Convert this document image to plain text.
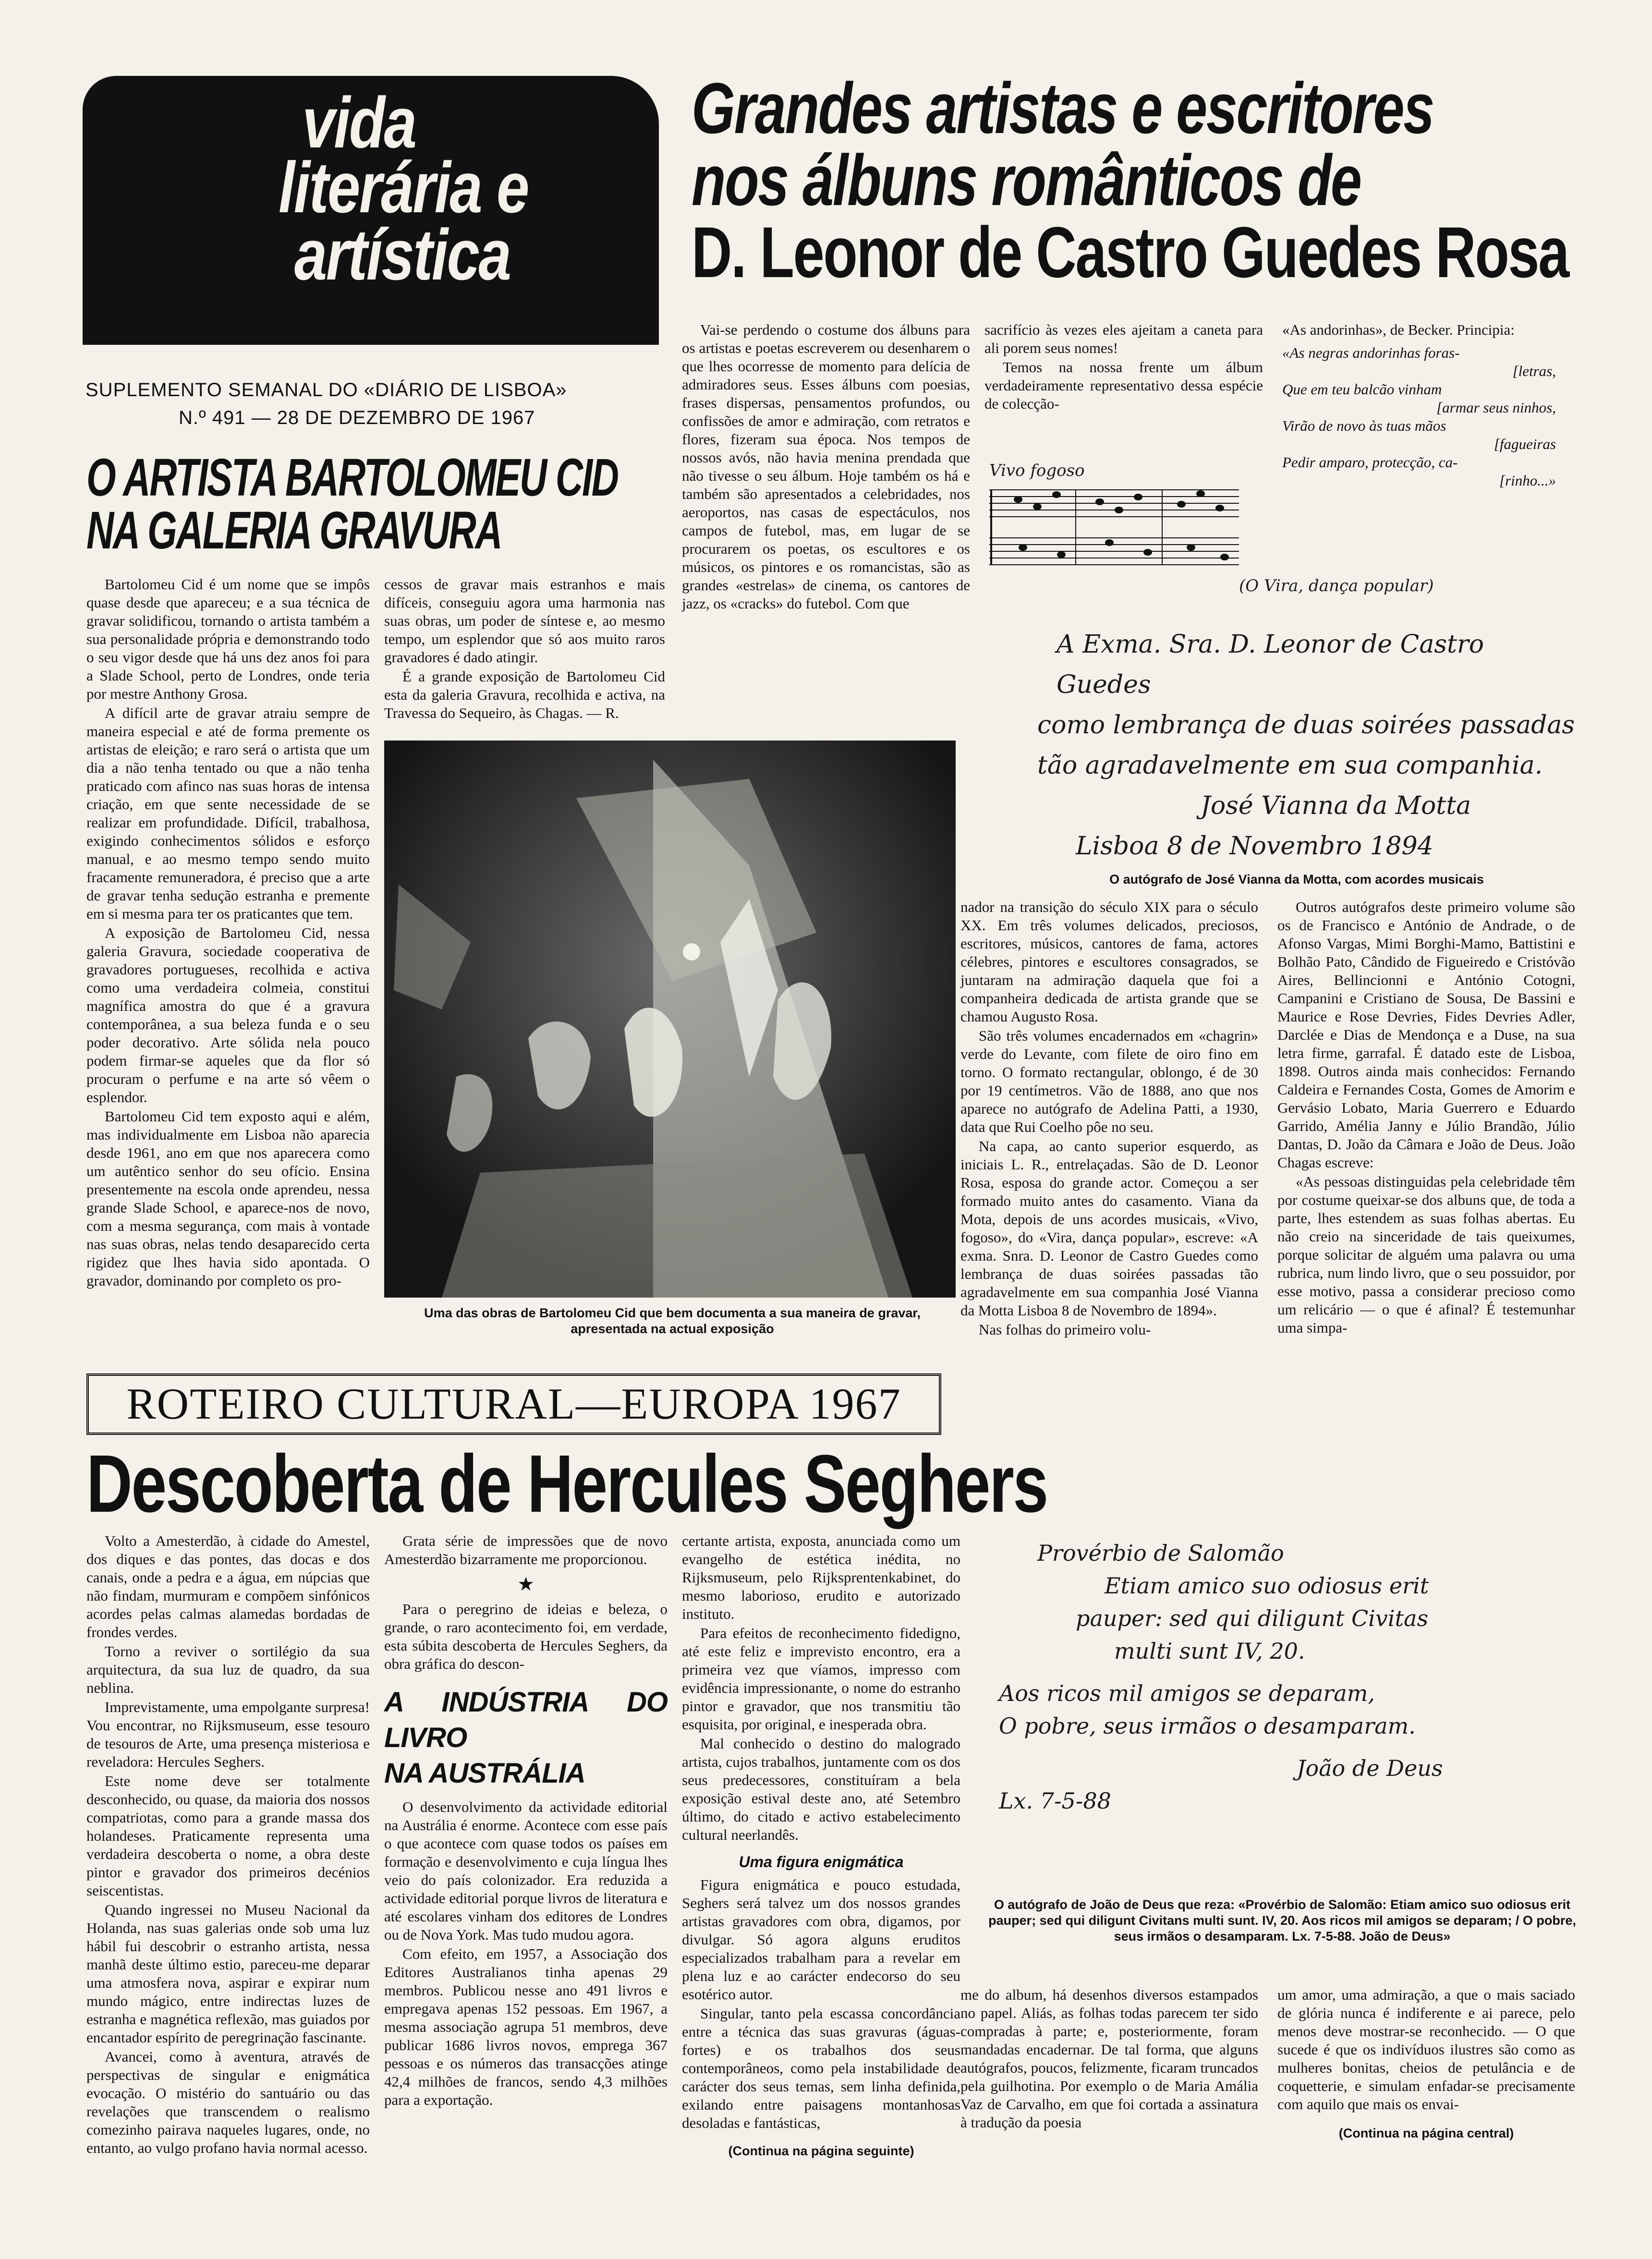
vida
literária e
artística
SUPLEMENTO SEMANAL DO «DIÁRIO DE LISBOA»
N.º 491 — 28 DE DEZEMBRO DE 1967
Grandes artistas e escritores
nos álbuns românticos de
D. Leonor de Castro Guedes Rosa
O ARTISTA BARTOLOMEU CID
NA GALERIA GRAVURA

Bartolomeu Cid é um nome que se impôs quase desde que apareceu; e a sua técnica de gravar solidificou, tornando o artista também a sua personalidade própria e demonstrando todo o seu vigor desde que há uns dez anos foi para a Slade School, perto de Londres, onde teria por mestre Anthony Grosa.

A difícil arte de gravar atraiu sempre de maneira especial e até de forma premente os artistas de eleição; e raro será o artista que um dia a não tenha tentado ou que a não tenha praticado com afinco nas suas horas de intensa criação, em que sente necessidade de se realizar em profundidade. Difícil, trabalhosa, exigindo conhecimentos sólidos e esforço manual, e ao mesmo tempo sendo muito fracamente remuneradora, é preciso que a arte de gravar tenha sedução estranha e premente em si mesma para ter os praticantes que tem.

A exposição de Bartolomeu Cid, nessa galeria Gravura, sociedade cooperativa de gravadores portugueses, recolhida e activa como uma verdadeira colmeia, constitui magnífica amostra do que é a gravura contemporânea, a sua beleza funda e o seu poder decorativo. Arte sólida nela pouco podem firmar-se aqueles que da flor só procuram o perfume e na arte só vêem o esplendor.

Bartolomeu Cid tem exposto aqui e além, mas individualmente em Lisboa não aparecia desde 1961, ano em que nos aparecera como um autêntico senhor do seu ofício. Ensina presentemente na escola onde aprendeu, nessa grande Slade School, e aparece-nos de novo, com a mesma segurança, com mais à vontade nas suas obras, nelas tendo desaparecido certa rigidez que lhes havia sido apontada. O gravador, dominando por completo os pro-

cessos de gravar mais estranhos e mais difíceis, conseguiu agora uma harmonia nas suas obras, um poder de síntese e, ao mesmo tempo, um esplendor que só aos muito raros gravadores é dado atingir.

É a grande exposição de Bartolomeu Cid esta da galeria Gravura, recolhida e activa, na Travessa do Sequeiro, às Chagas. — R.

Uma das obras de Bartolomeu Cid que bem documenta a sua maneira de gravar, apresentada na actual exposição

Vai-se perdendo o costume dos álbuns para os artistas e poetas escreverem ou desenharem o que lhes ocorresse de momento para delícia de admiradores seus. Esses álbuns com poesias, frases dispersas, pensamentos profundos, ou confissões de amor e admiração, com retratos e flores, fizeram sua época. Nos tempos de nossos avós, não havia menina prendada que não tivesse o seu álbum. Hoje também os há e também são apresentados a celebridades, nos aeroportos, nas casas de espectáculos, nos campos de futebol, mas, em lugar de se procurarem os poetas, os escultores e os músicos, os pintores e os romancistas, são as grandes «estrelas» de cinema, os cantores de jazz, os «cracks» do futebol. Com que

sacrifício às vezes eles ajeitam a caneta para ali porem seus nomes!

Temos na nossa frente um álbum verdadeiramente representativo dessa espécie de colecção-

«As andorinhas», de Becker. Principia:

«As negras andorinhas foras-
[letras,
Que em teu balcão vinham
[armar seus ninhos,
Virão de novo às tuas mãos
[fagueiras
Pedir amparo, protecção, ca-
[rinho...»
Vivo fogoso
(O Vira, dança popular)
A Exma. Sra. D. Leonor de Castro Guedes
como lembrança de duas soirées passadas
tão agradavelmente em sua companhia.
José Vianna da Motta
Lisboa 8 de Novembro 1894
O autógrafo de José Vianna da Motta, com acordes musicais

nador na transição do século XIX para o século XX. Em três volumes delicados, preciosos, escritores, músicos, cantores de fama, actores célebres, pintores e escultores consagrados, se juntaram na admiração daquela que foi a companheira dedicada de artista grande que se chamou Augusto Rosa.

São três volumes encadernados em «chagrin» verde do Levante, com filete de oiro fino em torno. O formato rectangular, oblongo, é de 30 por 19 centímetros. Vão de 1888, ano que nos aparece no autógrafo de Adelina Patti, a 1930, data que Rui Coelho pôe no seu.

Na capa, ao canto superior esquerdo, as iniciais L. R., entrelaçadas. São de D. Leonor Rosa, esposa do grande actor. Começou a ser formado muito antes do casamento. Viana da Mota, depois de uns acordes musicais, «Vivo, fogoso», do «Vira, dança popular», escreve: «A exma. Snra. D. Leonor de Castro Guedes como lembrança de duas soirées passadas tão agradavelmente em sua companhia José Vianna da Motta Lisboa 8 de Novembro de 1894».

Nas folhas do primeiro volu-

Outros autógrafos deste primeiro volume são os de Francisco e António de Andrade, o de Afonso Vargas, Mimi Borghi-Mamo, Battistini e Bolhão Pato, Cândido de Figueiredo e Cristóvão Aires, Bellincionni e António Cotogni, Campanini e Cristiano de Sousa, De Bassini e Maurice e Rose Devries, Fides Devries Adler, Darclée e Dias de Mendonça e a Duse, na sua letra firme, garrafal. É datado este de Lisboa, 1898. Outros ainda mais conhecidos: Fernando Caldeira e Fernandes Costa, Gomes de Amorim e Gervásio Lobato, Maria Guerrero e Eduardo Garrido, Amélia Janny e Júlio Brandão, Júlio Dantas, D. João da Câmara e João de Deus. João Chagas escreve:

«As pessoas distinguidas pela celebridade têm por costume queixar-se dos albuns que, de toda a parte, lhes estendem as suas folhas abertas. Eu não creio na sinceridade de tais queixumes, porque solicitar de alguém uma palavra ou uma rubrica, num lindo livro, que o seu possuidor, por esse motivo, passa a considerar precioso como um relicário — o que é afinal? É testemunhar uma simpa-

Provérbio de Salomão
Etiam amico suo odiosus erit
pauper: sed qui diligunt Civitas
multi sunt IV, 20.
Aos ricos mil amigos se deparam,
O pobre, seus irmãos o desamparam.
João de Deus
Lx. 7-5-88
O autógrafo de João de Deus que reza: «Provérbio de Salomão: Etiam amico suo odiosus erit pauper; sed qui diligunt Civitans multi sunt. IV, 20. Aos ricos mil amigos se deparam; / O pobre, seus irmãos o desamparam. Lx. 7-5-88. João de Deus»

me do album, há desenhos diversos estampados no papel. Aliás, as folhas todas parecem ter sido compradas à parte; e, posteriormente, foram mandadas encadernar. De tal forma, que alguns autógrafos, poucos, felizmente, ficaram truncados pela guilhotina. Por exemplo o de Maria Amália Vaz de Carvalho, em que foi cortada a assinatura à tradução da poesia

um amor, uma admiração, a que o mais saciado de glória nunca é indiferente e ai parece, pelo menos deve mostrar-se reconhecido. — O que sucede é que os indivíduos ilustres são como as mulheres bonitas, cheios de petulância e de coquetterie, e simulam enfadar-se precisamente com aquilo que mais os envai-

(Continua na página central)
ROTEIRO CULTURAL—EUROPA 1967
Descoberta de Hercules Seghers

Volto a Amesterdão, à cidade do Amestel, dos diques e das pontes, das docas e dos canais, onde a pedra e a água, em núpcias que não findam, murmuram e compõem sinfónicos acordes pelas calmas alamedas bordadas de frondes verdes.

Torno a reviver o sortilégio da sua arquitectura, da sua luz de quadro, da sua neblina.

Imprevistamente, uma empolgante surpresa! Vou encontrar, no Rijksmuseum, esse tesouro de tesouros de Arte, uma presença misteriosa e reveladora: Hercules Seghers.

Este nome deve ser totalmente desconhecido, ou quase, da maioria dos nossos compatriotas, como para a grande massa dos holandeses. Praticamente representa uma verdadeira descoberta o nome, a obra deste pintor e gravador dos primeiros decénios seiscentistas.

Quando ingressei no Museu Nacional da Holanda, nas suas galerias onde sob uma luz hábil fui descobrir o estranho artista, nessa manhã deste último estio, pareceu-me deparar uma atmosfera nova, aspirar e expirar num mundo mágico, entre indirectas luzes de estranha e magnética reflexão, mas guiados por encantador espírito de peregrinação fascinante.

Avancei, como à aventura, através de perspectivas de singular e enigmática evocação. O mistério do santuário ou das revelações que transcendem o realismo comezinho pairava naqueles lugares, onde, no entanto, ao vulgo profano havia normal acesso.

Grata série de impressões que de novo Amesterdão bizarramente me proporcionou.

★

Para o peregrino de ideias e beleza, o grande, o raro acontecimento foi, em verdade, esta súbita descoberta de Hercules Seghers, da obra gráfica do descon-

A INDÚSTRIA DO LIVRO
NA AUSTRÁLIA

O desenvolvimento da actividade editorial na Austrália é enorme. Acontece com esse país o que acontece com quase todos os países em formação e desenvolvimento e cuja língua lhes veio do país colonizador. Era reduzida a actividade editorial porque livros de literatura e até escolares vinham dos editores de Londres ou de Nova York. Mas tudo mudou agora.

Com efeito, em 1957, a Associação dos Editores Australianos tinha apenas 29 membros. Publicou nesse ano 491 livros e empregava apenas 152 pessoas. Em 1967, a mesma associação agrupa 51 membros, deve publicar 1686 livros novos, emprega 367 pessoas e os números das transacções atinge 42,4 milhões de francos, sendo 4,3 milhões para a exportação.

certante artista, exposta, anunciada como um evangelho de estética inédita, no Rijksmuseum, pelo Rijksprentenkabinet, do mesmo laborioso, erudito e autorizado instituto.

Para efeitos de reconhecimento fidedigno, até este feliz e imprevisto encontro, era a primeira vez que víamos, impresso com evidência impressionante, o nome do estranho pintor e gravador, que nos transmitiu tão esquisita, por original, e inesperada obra.

Mal conhecido o destino do malogrado artista, cujos trabalhos, juntamente com os dos seus predecessores, constituíram a bela exposição estival deste ano, até Setembro último, do citado e activo estabelecimento cultural neerlandês.

Uma figura enigmática

Figura enigmática e pouco estudada, Seghers será talvez um dos nossos grandes artistas gravadores com obra, digamos, por divulgar. Só agora alguns eruditos especializados trabalham para a revelar em plena luz e ao carácter endecorso do seu esotérico autor.

Singular, tanto pela escassa concordância entre a técnica das suas gravuras (águas-fortes) e os trabalhos dos seus contemporâneos, como pela instabilidade de carácter dos seus temas, sem linha definida, exilando entre paisagens montanhosas desoladas e fantásticas,

(Continua na página seguinte)
